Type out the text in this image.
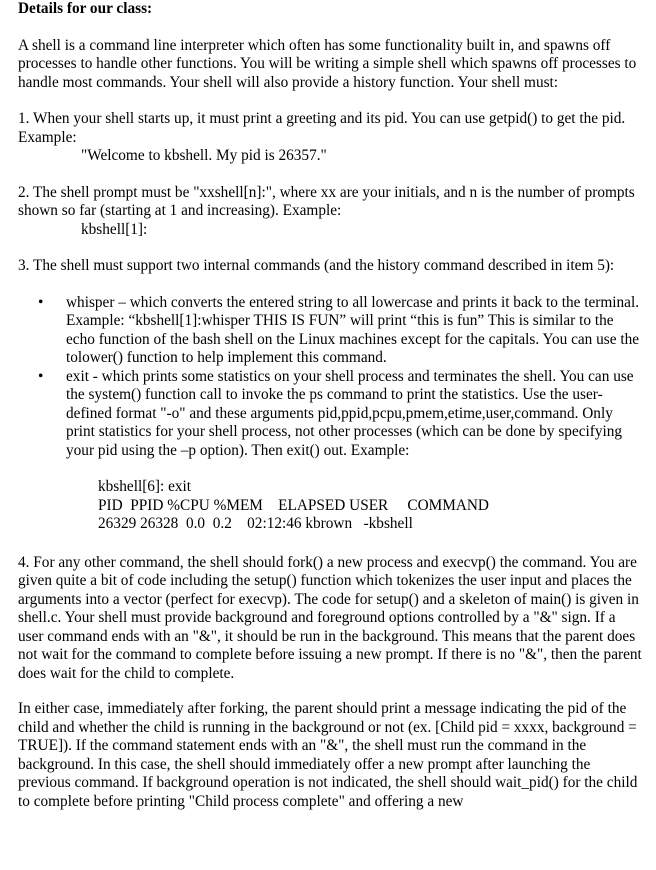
Details for our class:

A shell is a command line interpreter which often has some functionality built in, and spawns off processes to handle other functions. You will be writing a simple shell which spawns off processes to handle most commands. Your shell will also provide a history function. Your shell must:

1. When your shell starts up, it must print a greeting and its pid. You can use getpid() to get the pid. Example:

"Welcome to kbshell. My pid is 26357."

2. The shell prompt must be "xxshell[n]:", where xx are your initials, and n is the number of prompts shown so far (starting at 1 and increasing). Example:

kbshell[1]:

3. The shell must support two internal commands (and the history command described in item 5):

• whisper – which converts the entered string to all lowercase and prints it back to the terminal. Example: “kbshell[1]:whisper THIS IS FUN” will print “this is fun” This is similar to the echo function of the bash shell on the Linux machines except for the capitals. You can use the tolower() function to help implement this command.
• exit - which prints some statistics on your shell process and terminates the shell. You can use the system() function call to invoke the ps command to print the statistics. Use the user-defined format "-o" and these arguments pid,ppid,pcpu,pmem,etime,user,command. Only print statistics for your shell process, not other processes (which can be done by specifying your pid using the –p option). Then exit() out. Example:
kbshell[6]: exit
PID  PPID %CPU %MEM    ELAPSED USER     COMMAND
26329 26328  0.0  0.2    02:12:46 kbrown   -kbshell

4. For any other command, the shell should fork() a new process and execvp() the command. You are given quite a bit of code including the setup() function which tokenizes the user input and places the arguments into a vector (perfect for execvp). The code for setup() and a skeleton of main() is given in shell.c. Your shell must provide background and foreground options controlled by a "&" sign. If a user command ends with an "&", it should be run in the background. This means that the parent does not wait for the command to complete before issuing a new prompt. If there is no "&", then the parent does wait for the child to complete.

In either case, immediately after forking, the parent should print a message indicating the pid of the child and whether the child is running in the background or not (ex. [Child pid = xxxx, background = TRUE]). If the command statement ends with an "&", the shell must run the command in the background. In this case, the shell should immediately offer a new prompt after launching the previous command. If background operation is not indicated, the shell should wait_pid() for the child to complete before printing "Child process complete" and offering a new
